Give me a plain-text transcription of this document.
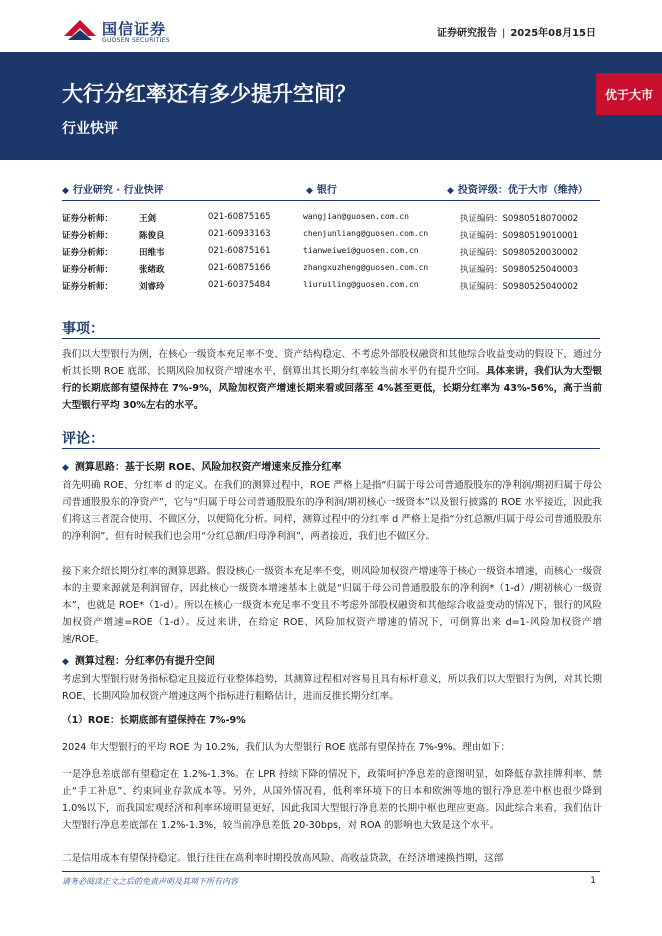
国信证券
GUOSEN SECURITIES
证券研究报告 | 2025年08月15日
大行分红率还有多少提升空间？
行业快评
优于大市
◆ 行业研究 · 行业快评	◆ 银行	◆ 投资评级：优于大市（维持）
证券分析师：	王剑	021-60875165	wangjian@guosen.com.cn	执证编码：S0980518070002
证券分析师：	陈俊良	021-60933163	chenjunliang@guosen.com.cn	执证编码：S0980519010001
证券分析师：	田维韦	021-60875161	tianweiwei@guosen.com.cn	执证编码：S0980520030002
证券分析师：	张绪政	021-60875166	zhangxuzheng@guosen.com.cn	执证编码：S0980525040003
证券分析师：	刘睿玲	021-60375484	liuruiling@guosen.com.cn	执证编码：S0980525040002
事项：
我们以大型银行为例，在核心一级资本充足率不变、资产结构稳定、不考虑外部股权融资和其他综合收益变动的假设下，通过分析其长期 ROE 底部、长期风险加权资产增速水平，倒算出其长期分红率较当前水平仍有提升空间。具体来讲，我们认为大型银行的长期底部有望保持在 7%-9%，风险加权资产增速长期来看或回落至 4%甚至更低，长期分红率为 43%-56%，高于当前大型银行平均 30%左右的水平。
评论：
◆ 测算思路：基于长期 ROE、风险加权资产增速来反推分红率
首先明确 ROE、分红率 d 的定义。在我们的测算过程中，ROE 严格上是指“归属于母公司普通股股东的净利润/期初归属于母公司普通股股东的净资产”，它与“归属于母公司普通股股东的净利润/期初核心一级资本”以及银行披露的 ROE 水平接近，因此我们将这三者混合使用、不做区分，以便简化分析。同样，测算过程中的分红率 d 严格上是指“分红总额/归属于母公司普通股股东的净利润”，但有时候我们也会用“分红总额/归母净利润”，两者接近，我们也不做区分。
接下来介绍长期分红率的测算思路。假设核心一级资本充足率不变，则风险加权资产增速等于核心一级资本增速，而核心一级资本的主要来源就是利润留存，因此核心一级资本增速基本上就是“归属于母公司普通股股东的净利润*（1-d）/期初核心一级资本”，也就是 ROE*（1-d）。所以在核心一级资本充足率不变且不考虑外部股权融资和其他综合收益变动的情况下，银行的风险加权资产增速=ROE（1-d）。反过来讲，在给定 ROE、风险加权资产增速的情况下，可倒算出来 d=1-风险加权资产增速/ROE。
◆ 测算过程：分红率仍有提升空间
考虑到大型银行财务指标稳定且接近行业整体趋势，其测算过程相对容易且具有标杆意义，所以我们以大型银行为例，对其长期 ROE、长期风险加权资产增速这两个指标进行粗略估计，进而反推长期分红率。
（1）ROE：长期底部有望保持在 7%-9%
2024 年大型银行的平均 ROE 为 10.2%，我们认为大型银行 ROE 底部有望保持在 7%-9%。理由如下：
一是净息差底部有望稳定在 1.2%-1.3%。在 LPR 持续下降的情况下，政策呵护净息差的意图明显，如降低存款挂牌利率、禁止“手工补息”、约束同业存款成本等。另外，从国外情况看，低利率环境下的日本和欧洲等地的银行净息差中枢也很少降到 1.0%以下，而我国宏观经济和利率环境明显更好，因此我国大型银行净息差的长期中枢也理应更高。因此综合来看，我们估计大型银行净息差底部在 1.2%-1.3%，较当前净息差低 20-30bps，对 ROA 的影响也大致是这个水平。
二是信用成本有望保持稳定。银行往往在高利率时期投放高风险、高收益贷款，在经济增速换挡期，这部
请务必阅读正文之后的免责声明及其项下所有内容	1
